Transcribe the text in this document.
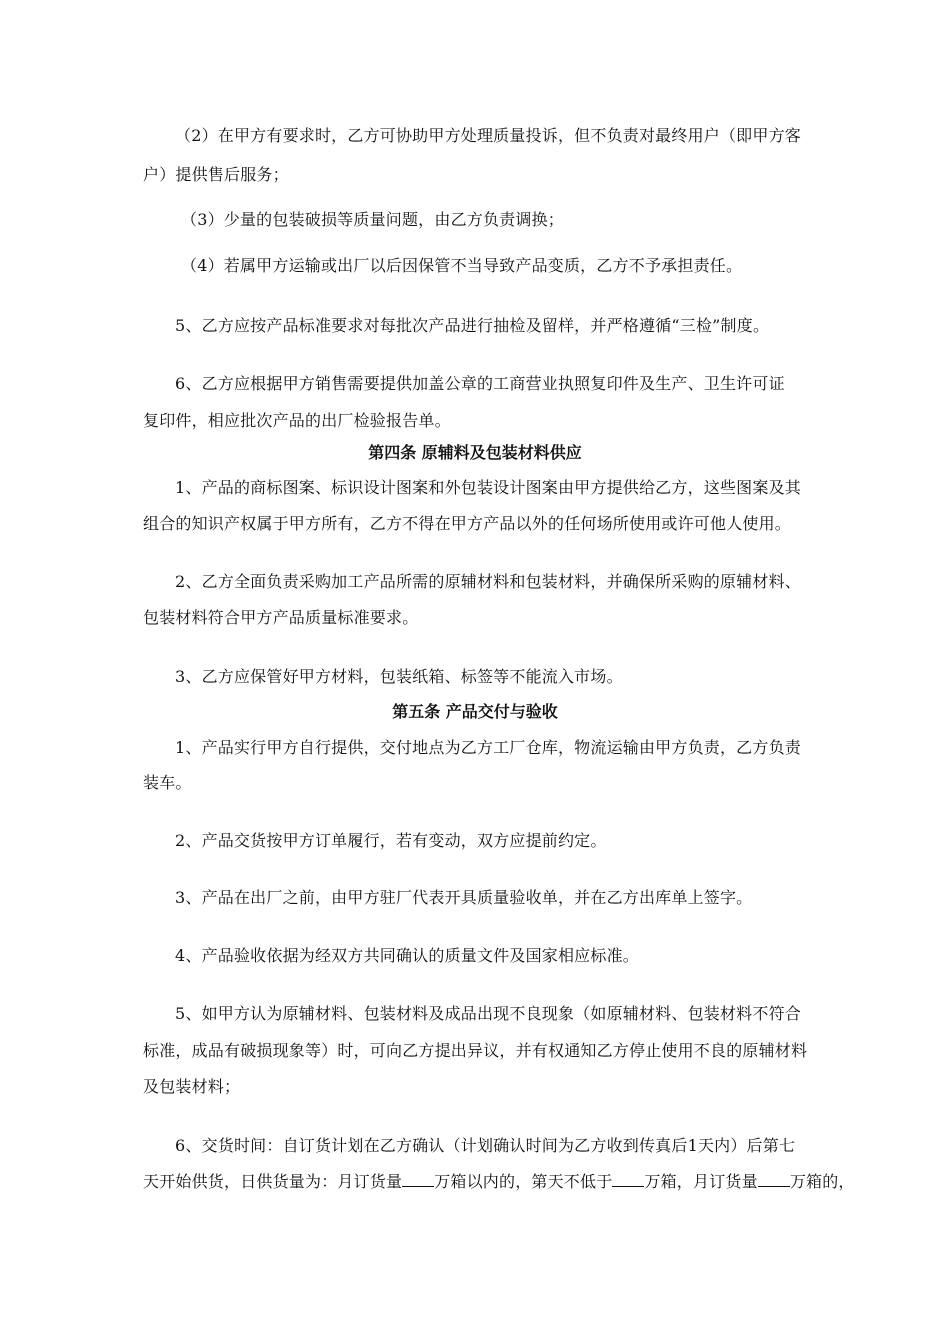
（2）在甲方有要求时，乙方可协助甲方处理质量投诉，但不负责对最终用户（即甲方客
户）提供售后服务；
（3）少量的包装破损等质量问题，由乙方负责调换；
（4）若属甲方运输或出厂以后因保管不当导致产品变质，乙方不予承担责任。
5、乙方应按产品标准要求对每批次产品进行抽检及留样，并严格遵循“三检”制度。
6、乙方应根据甲方销售需要提供加盖公章的工商营业执照复印件及生产、卫生许可证
复印件，相应批次产品的出厂检验报告单。
第四条 原辅料及包装材料供应
1、产品的商标图案、标识设计图案和外包装设计图案由甲方提供给乙方，这些图案及其
组合的知识产权属于甲方所有，乙方不得在甲方产品以外的任何场所使用或许可他人使用。
2、乙方全面负责采购加工产品所需的原辅材料和包装材料，并确保所采购的原辅材料、
包装材料符合甲方产品质量标准要求。
3、乙方应保管好甲方材料，包装纸箱、标签等不能流入市场。
第五条 产品交付与验收
1、产品实行甲方自行提供，交付地点为乙方工厂仓库，物流运输由甲方负责，乙方负责
装车。
2、产品交货按甲方订单履行，若有变动，双方应提前约定。
3、产品在出厂之前，由甲方驻厂代表开具质量验收单，并在乙方出库单上签字。
4、产品验收依据为经双方共同确认的质量文件及国家相应标准。
5、如甲方认为原辅材料、包装材料及成品出现不良现象（如原辅材料、包装材料不符合
标准，成品有破损现象等）时，可向乙方提出异议，并有权通知乙方停止使用不良的原辅材料
及包装材料；
6、交货时间：自订货计划在乙方确认（计划确认时间为乙方收到传真后1天内）后第七
天开始供货，日供货量为：月订货量 万箱以内的，第天不低于 万箱，月订货量 万箱的，
